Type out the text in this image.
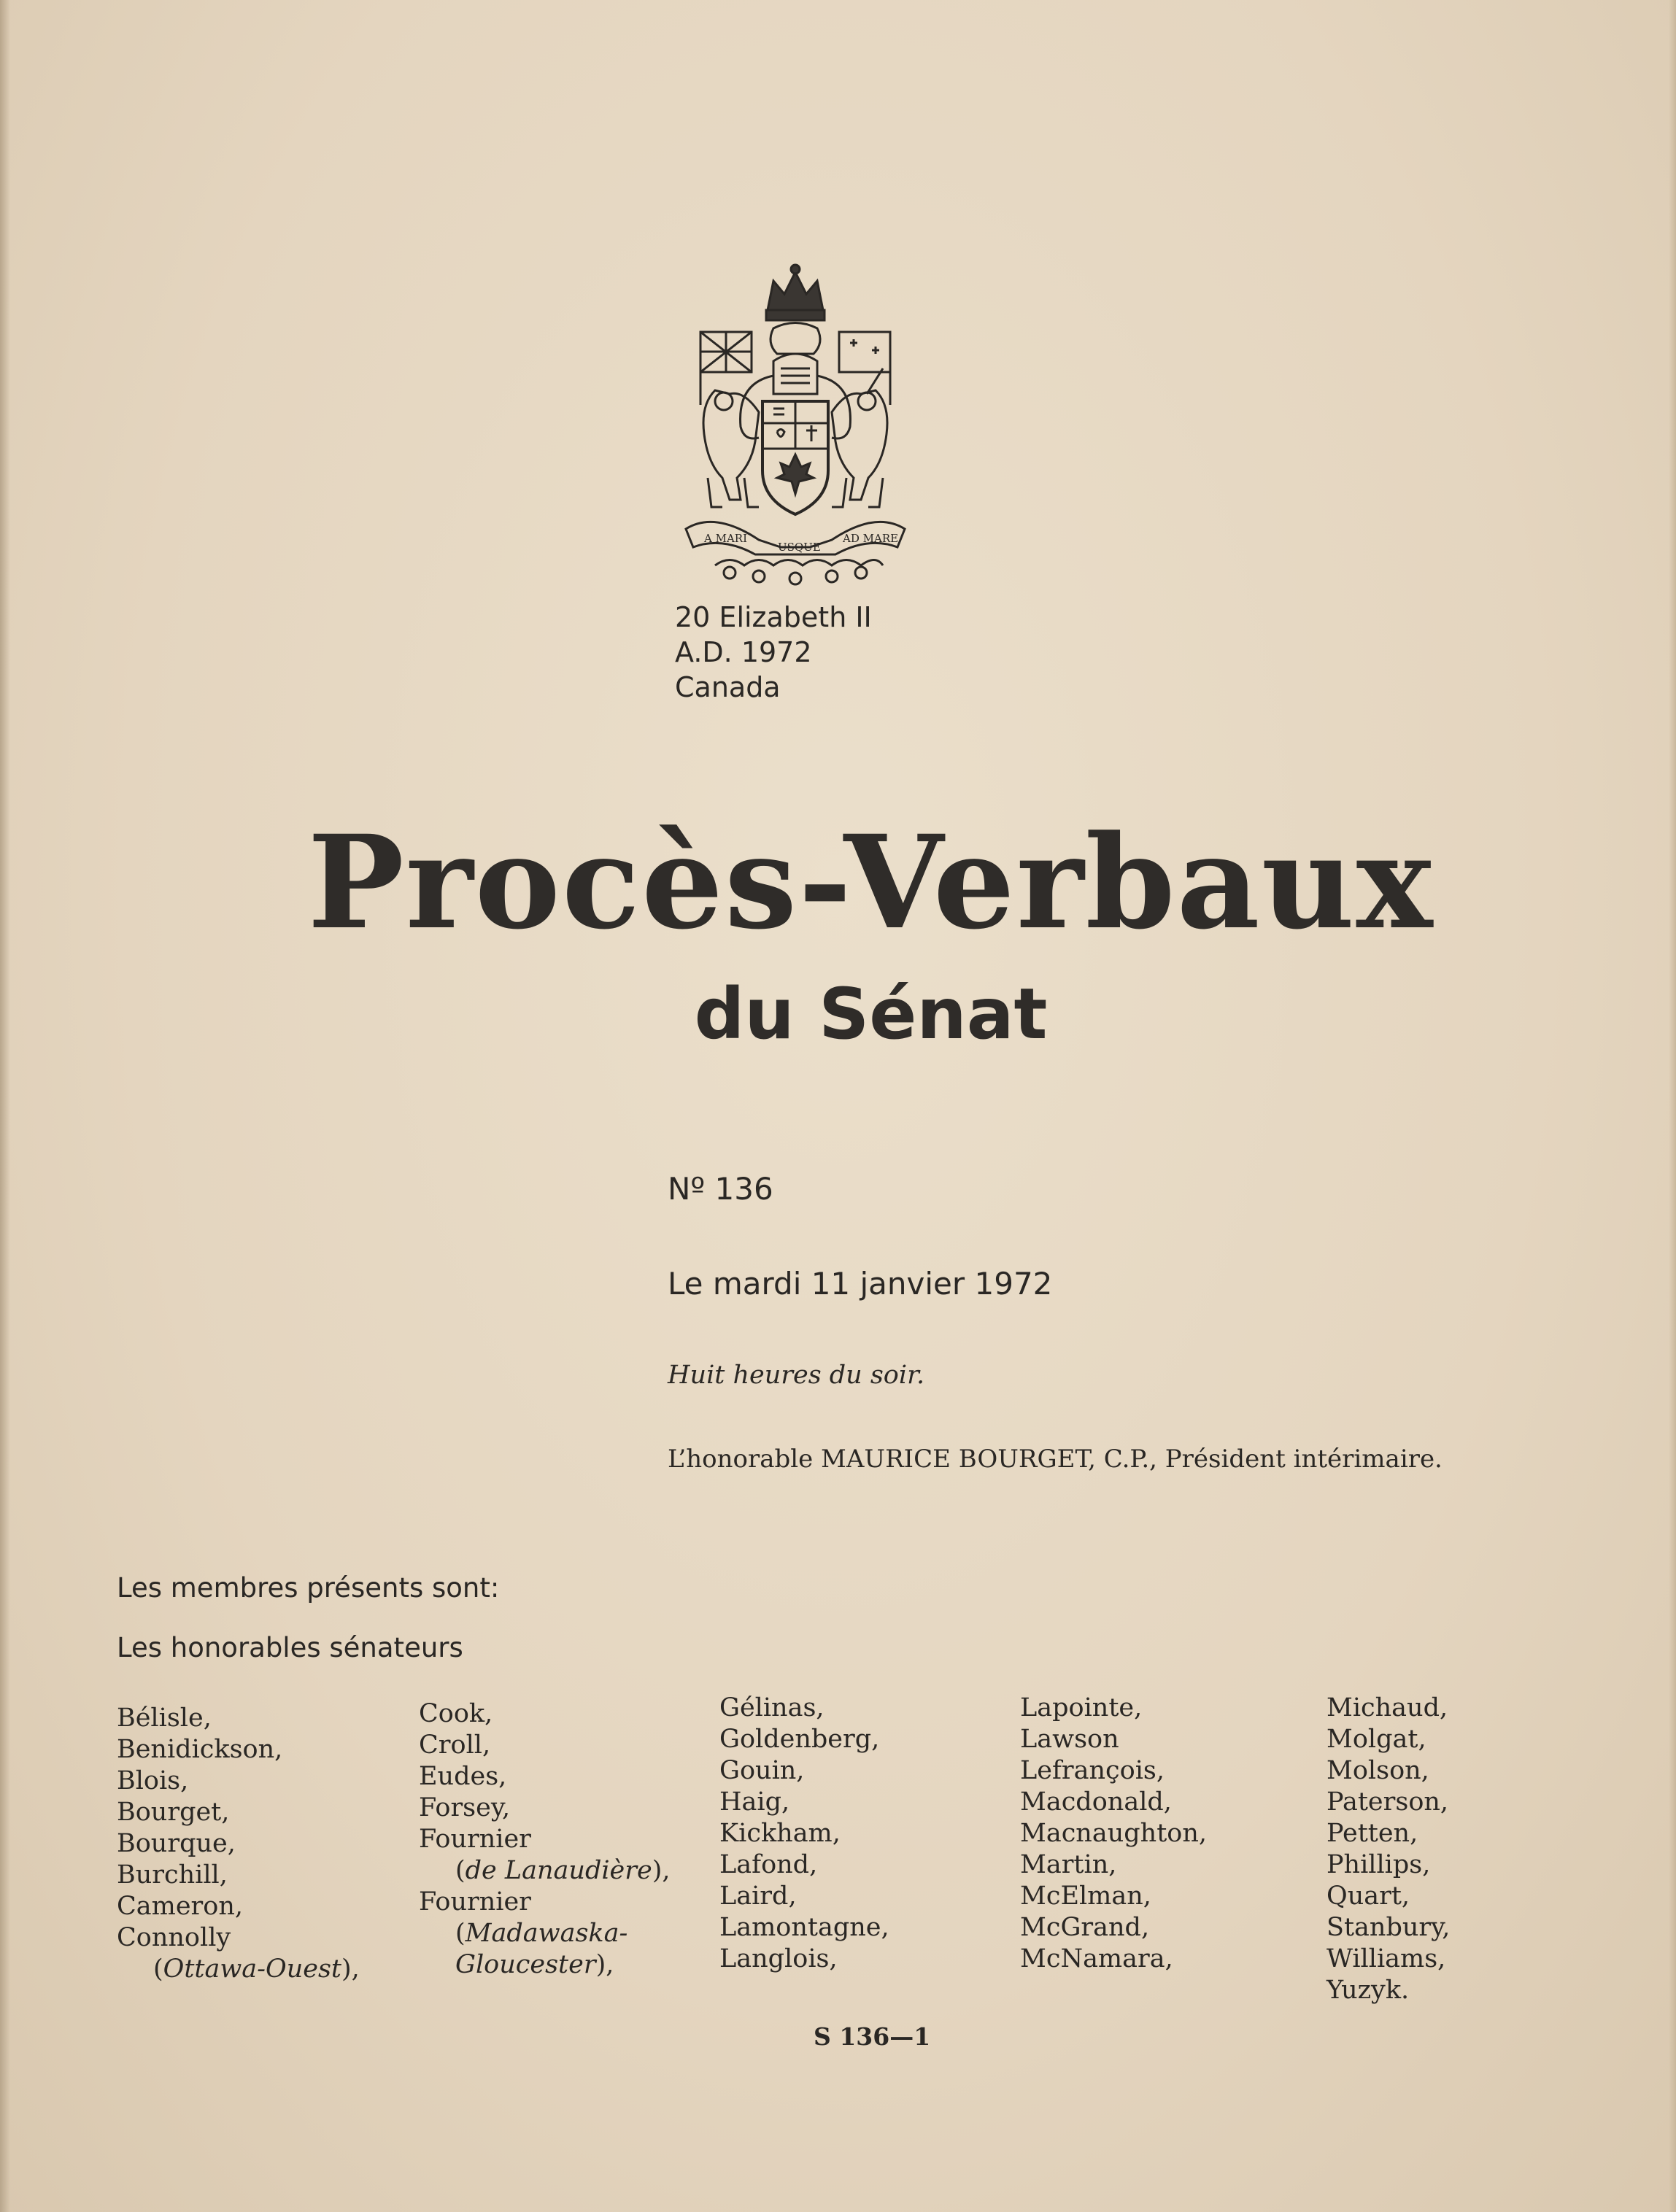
A MARI
USQUE
AD MARE
20 Elizabeth II
A.D. 1972
Canada
Procès-Verbaux
du Sénat
Nº 136
Le mardi 11 janvier 1972
Huit heures du soir.
L’honorable MAURICE BOURGET, C.P., Président intérimaire.
Les membres présents sont:
Les honorables sénateurs
Bélisle,
Benidickson,
Blois,
Bourget,
Bourque,
Burchill,
Cameron,
Connolly
(Ottawa-Ouest),
Cook,
Croll,
Eudes,
Forsey,
Fournier
(de Lanaudière),
Fournier
(Madawaska-
Gloucester),
Gélinas,
Goldenberg,
Gouin,
Haig,
Kickham,
Lafond,
Laird,
Lamontagne,
Langlois,
Lapointe,
Lawson
Lefrançois,
Macdonald,
Macnaughton,
Martin,
McElman,
McGrand,
McNamara,
Michaud,
Molgat,
Molson,
Paterson,
Petten,
Phillips,
Quart,
Stanbury,
Williams,
Yuzyk.
S 136—1
